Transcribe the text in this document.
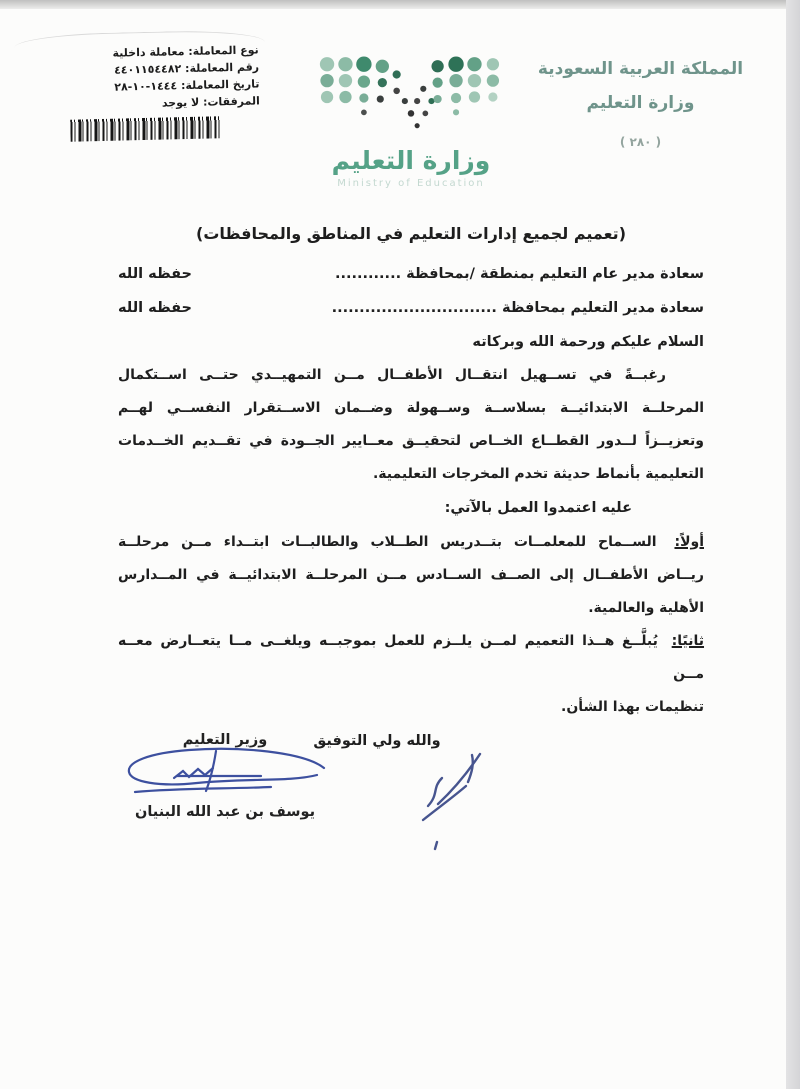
نوع المعاملة: معاملة داخلية
رقم المعاملة: ٤٤٠١١٥٤٤٨٢
تاريخ المعاملة: ١٤٤٤-١٠-٢٨
المرفقات: لا يوجد
وزارة التعليم
Ministry of Education
المملكة العربية السعودية
وزارة التعليم
( ٢٨٠ )
(تعميم لجميع إدارات التعليم في المناطق والمحافظات)
سعادة مدير عام التعليم بمنطقة /بمحافظة ............
حفظه الله
سعادة مدير التعليم بمحافظة ..............................
حفظه الله
السلام عليكم ورحمة الله وبركاته
رغبــةً في تســهيل انتقــال الأطفــال مــن التمهيــدي حتــى اســتكمال
المرحلــة الابتدائيــة بسلاســة وســهولة وضــمان الاســتقرار النفســي لهــم
وتعزيــزاً لــدور القطــاع الخــاص لتحقيــق معــايير الجــودة في تقــديم الخــدمات
التعليمية بأنماط حديثة تخدم المخرجات التعليمية.
عليه اعتمدوا العمل بالآتي:
أولاً: الســماح للمعلمــات بتــدريس الطــلاب والطالبــات ابتــداء مــن مرحلــة
ريــاض الأطفــال إلى الصــف الســادس مــن المرحلــة الابتدائيــة في المــدارس
الأهلية والعالمية.
ثانيًا: يُبلَّــغ هــذا التعميم لمــن يلــزم للعمل بموجبــه ويلغــى مــا يتعــارض معــه مــن
تنظيمات بهذا الشأن.
والله ولي التوفيق
وزير التعليم
يوسف بن عبد الله البنيان
